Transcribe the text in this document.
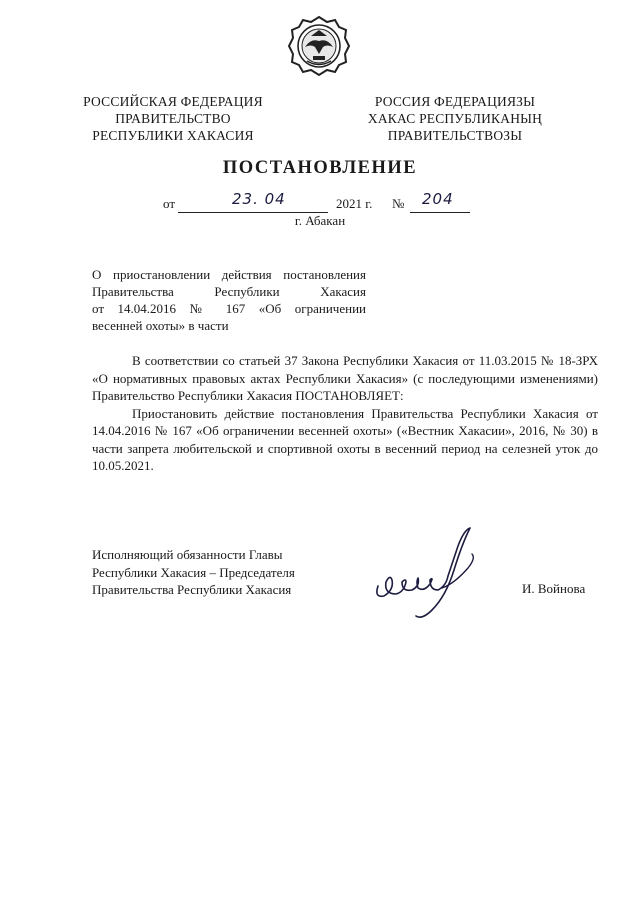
РОССИЙСКАЯ ФЕДЕРАЦИЯ
ПРАВИТЕЛЬСТВО
РЕСПУБЛИКИ ХАКАСИЯ
РОССИЯ ФЕДЕРАЦИЯЗЫ
ХАКАС РЕСПУБЛИКАНЫҢ
ПРАВИТЕЛЬСТВОЗЫ
ПОСТАНОВЛЕНИЕ
от	23. 04	2021 г. № 204
г. Абакан
О приостановлении действия постановления
Правительства Республики Хакасия
от 14.04.2016 № 167 «Об ограничении
весенней охоты» в части

В соответствии со статьей 37 Закона Республики Хакасия от 11.03.2015 № 18-ЗРХ «О нормативных правовых актах Республики Хакасия» (с последующими изменениями) Правительство Республики Хакасия ПОСТАНОВЛЯЕТ:

Приостановить действие постановления Правительства Республики Хакасия от 14.04.2016 № 167 «Об ограничении весенней охоты» («Вестник Хакасии», 2016, № 30) в части запрета любительской и спортивной охоты в весенний период на селезней уток до 10.05.2021.

Исполняющий обязанности Главы
Республики Хакасия – Председателя
Правительства Республики Хакасия	И. Войнова
